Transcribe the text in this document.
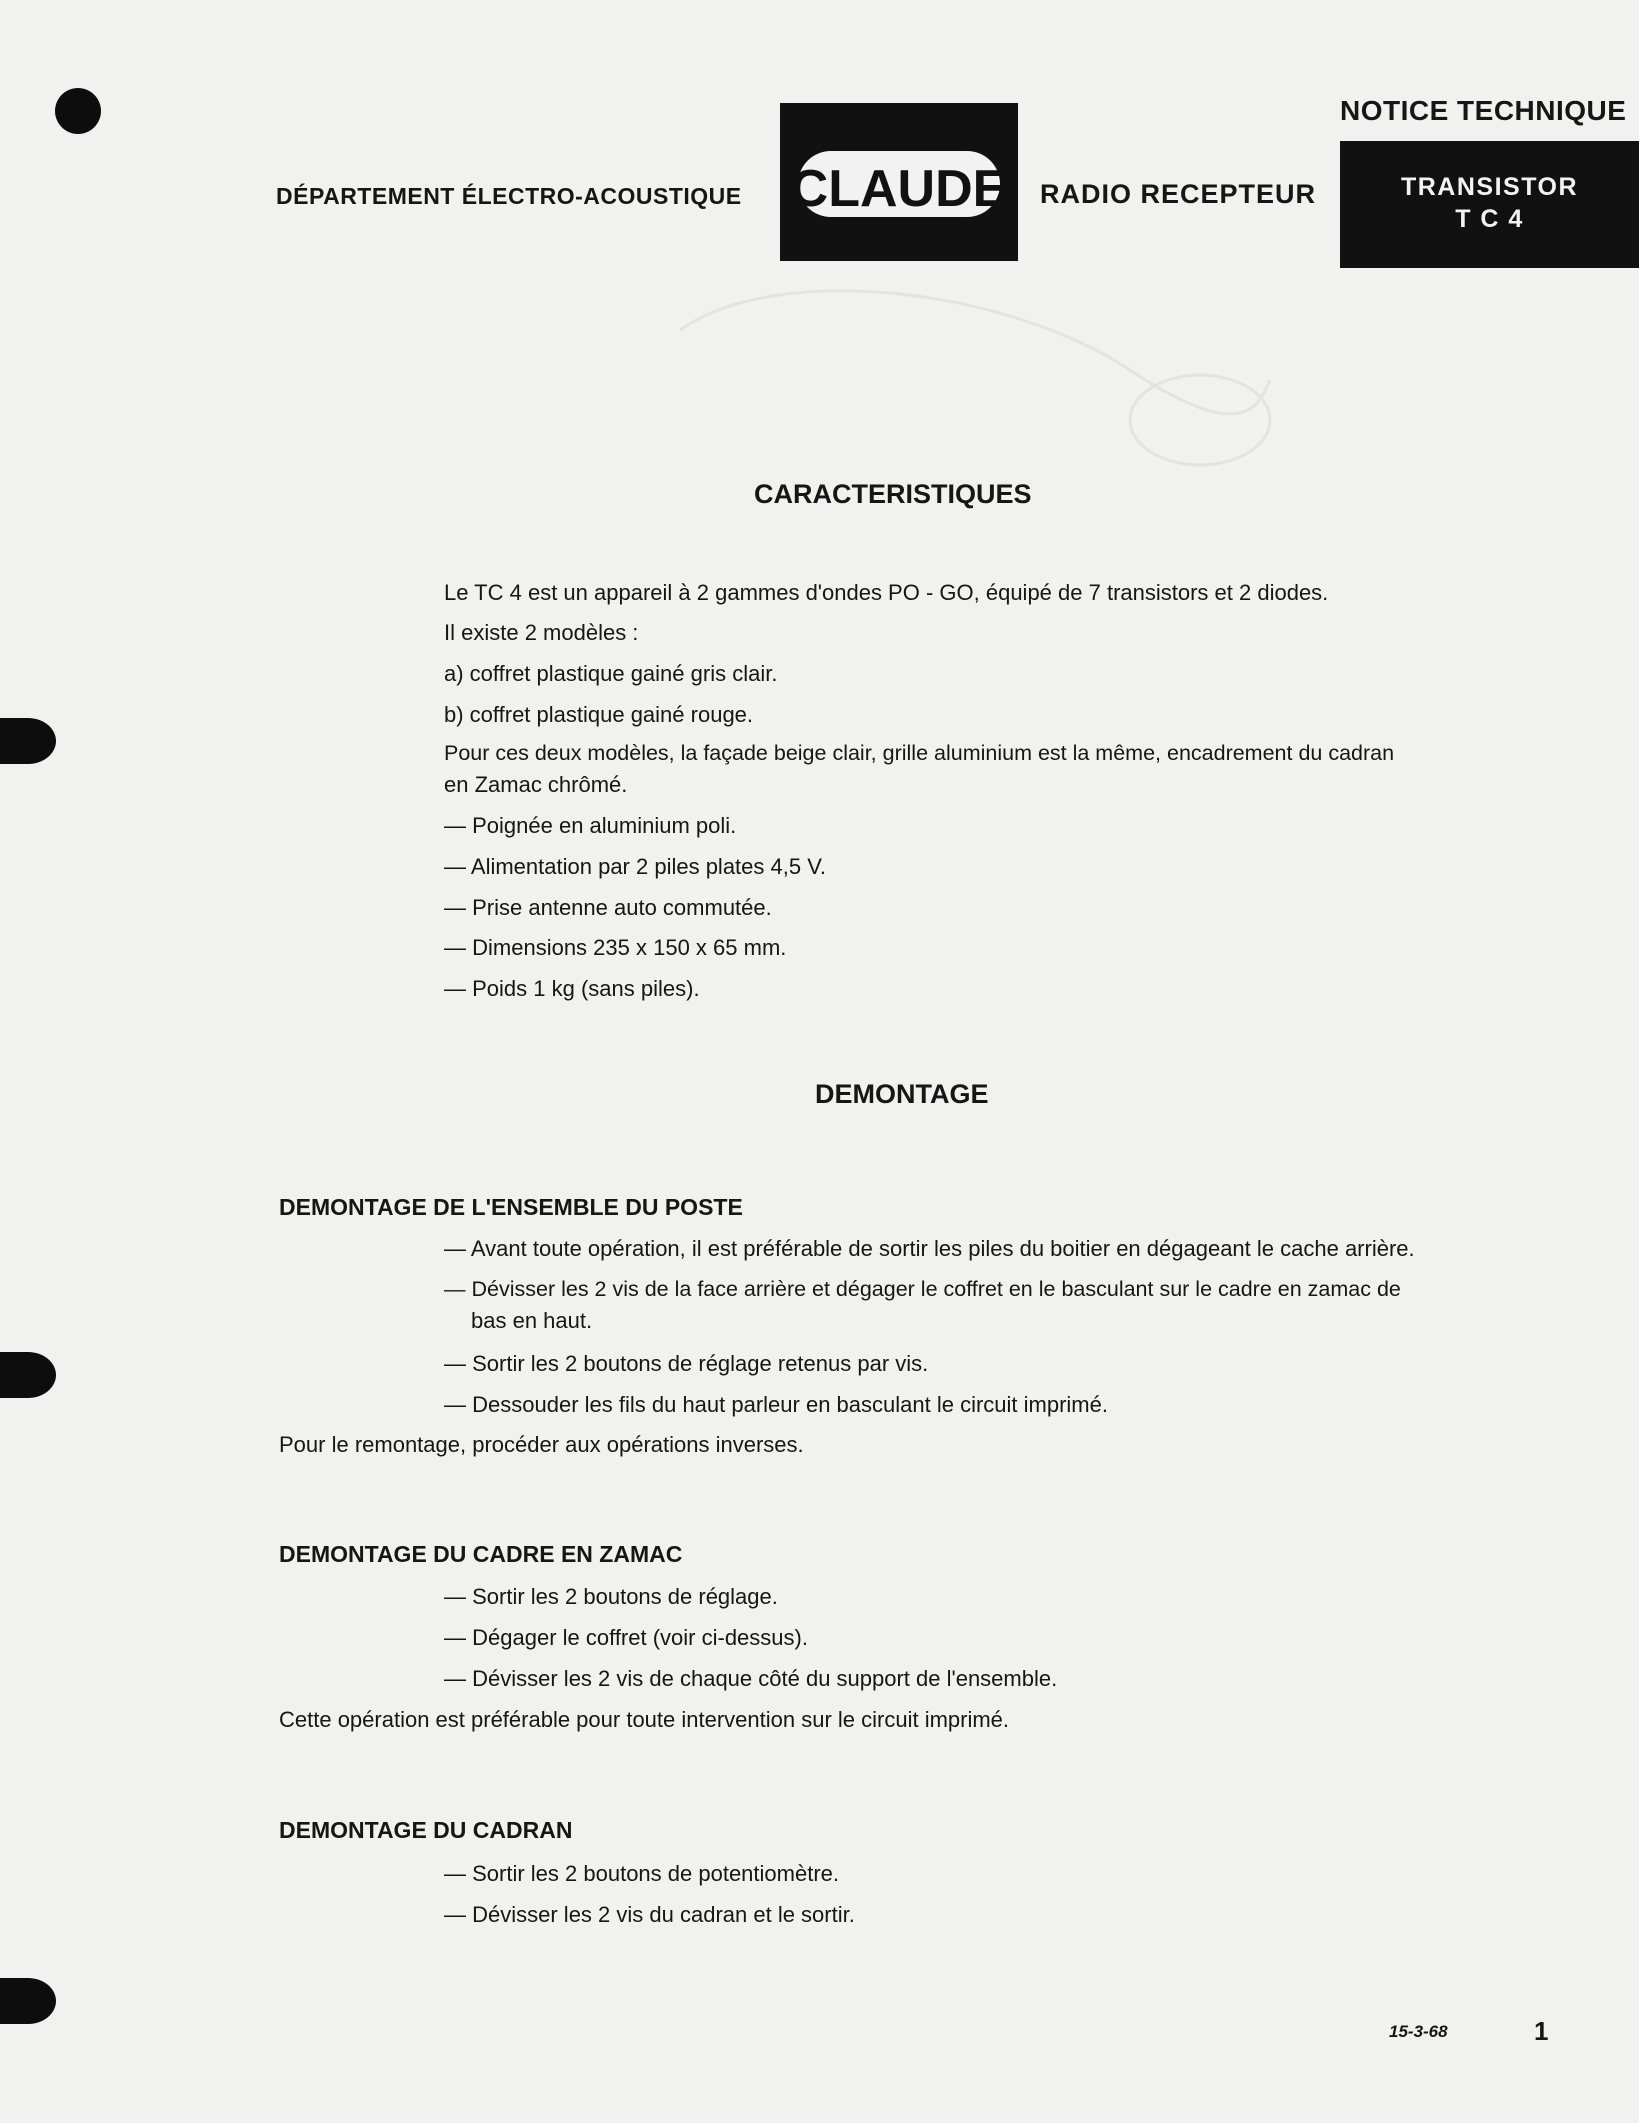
DÉPARTEMENT ÉLECTRO-ACOUSTIQUE CLAUDE RADIO RECEPTEUR
NOTICE TECHNIQUE
TRANSISTOR
T C 4
CARACTERISTIQUES
Le TC 4 est un appareil à 2 gammes d'ondes PO - GO, équipé de 7 transistors et 2 diodes.
Il existe 2 modèles :
a) coffret plastique gainé gris clair.
b) coffret plastique gainé rouge.
Pour ces deux modèles, la façade beige clair, grille aluminium est la même, encadrement du cadran
en Zamac chrômé.
— Poignée en aluminium poli.
— Alimentation par 2 piles plates 4,5 V.
— Prise antenne auto commutée.
— Dimensions 235 x 150 x 65 mm.
— Poids 1 kg (sans piles).
DEMONTAGE
DEMONTAGE DE L'ENSEMBLE DU POSTE
— Avant toute opération, il est préférable de sortir les piles du boitier en dégageant le cache arrière.
— Dévisser les 2 vis de la face arrière et dégager le coffret en le basculant sur le cadre en zamac de
bas en haut.
— Sortir les 2 boutons de réglage retenus par vis.
— Dessouder les fils du haut parleur en basculant le circuit imprimé.
Pour le remontage, procéder aux opérations inverses.
DEMONTAGE DU CADRE EN ZAMAC
— Sortir les 2 boutons de réglage.
— Dégager le coffret (voir ci-dessus).
— Dévisser les 2 vis de chaque côté du support de l'ensemble.
Cette opération est préférable pour toute intervention sur le circuit imprimé.
DEMONTAGE DU CADRAN
— Sortir les 2 boutons de potentiomètre.
— Dévisser les 2 vis du cadran et le sortir.
15-3-68	1
